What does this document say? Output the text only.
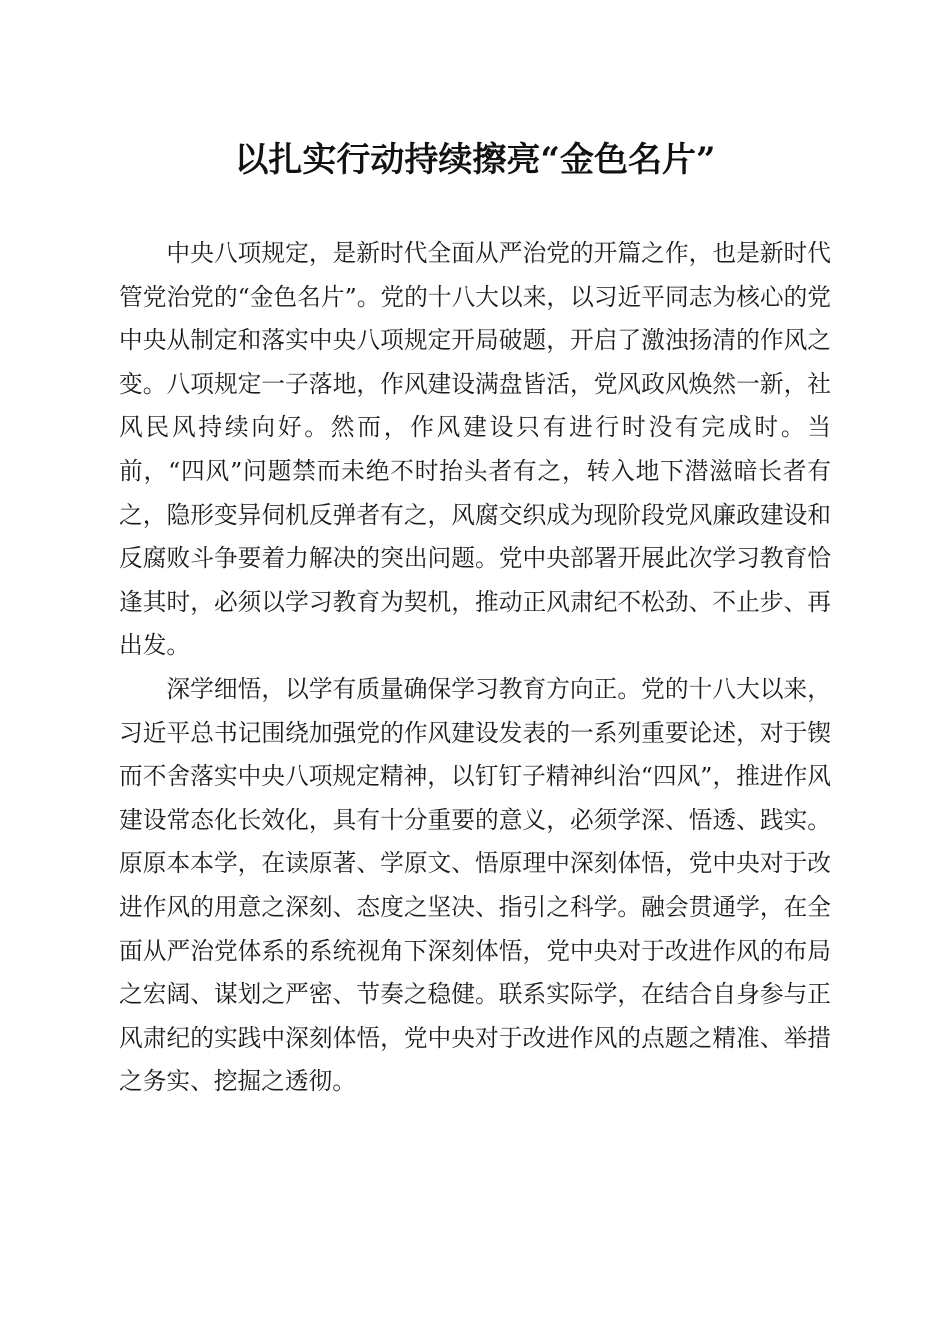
以扎实行动持续擦亮“金色名片”

中央八项规定，是新时代全面从严治党的开篇之作，也是新时代管党治党的“金色名片”。党的十八大以来，以习近平同志为核心的党中央从制定和落实中央八项规定开局破题，开启了激浊扬清的作风之变。八项规定一子落地，作风建设满盘皆活，党风政风焕然一新，社风民风持续向好。然而，作风建设只有进行时没有完成时。当前，“四风”问题禁而未绝不时抬头者有之，转入地下潜滋暗长者有之，隐形变异伺机反弹者有之，风腐交织成为现阶段党风廉政建设和反腐败斗争要着力解决的突出问题。党中央部署开展此次学习教育恰逢其时，必须以学习教育为契机，推动正风肃纪不松劲、不止步、再出发。

深学细悟，以学有质量确保学习教育方向正。党的十八大以来，习近平总书记围绕加强党的作风建设发表的一系列重要论述，对于锲而不舍落实中央八项规定精神，以钉钉子精神纠治“四风”，推进作风建设常态化长效化，具有十分重要的意义，必须学深、悟透、践实。原原本本学，在读原著、学原文、悟原理中深刻体悟，党中央对于改进作风的用意之深刻、态度之坚决、指引之科学。融会贯通学，在全面从严治党体系的系统视角下深刻体悟，党中央对于改进作风的布局之宏阔、谋划之严密、节奏之稳健。联系实际学，在结合自身参与正风肃纪的实践中深刻体悟，党中央对于改进作风的点题之精准、举措之务实、挖掘之透彻。
